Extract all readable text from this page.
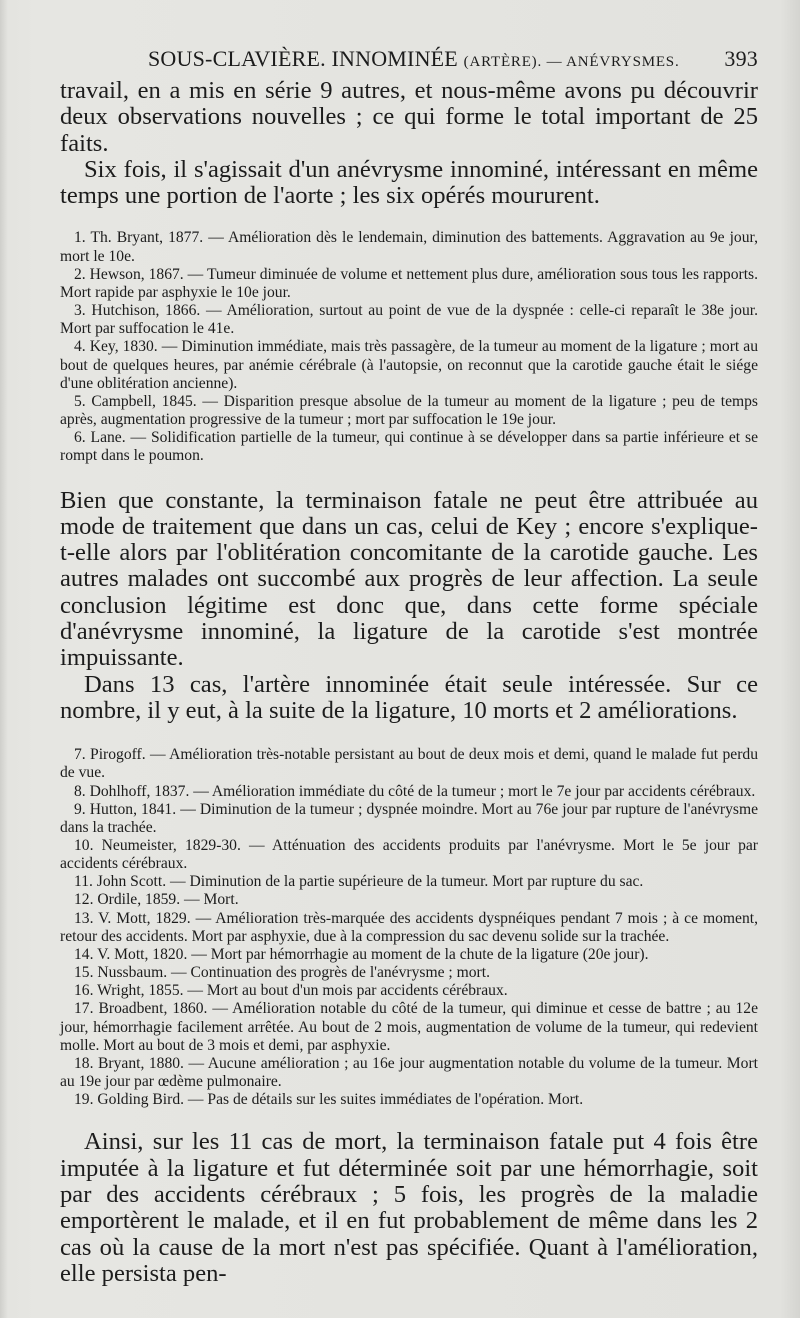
SOUS-CLAVIÈRE. INNOMINÉE (ARTÈRE). — ANÉVRYSMES. 393

travail, en a mis en série 9 autres, et nous-même avons pu découvrir deux observations nouvelles ; ce qui forme le total important de 25 faits.

Six fois, il s'agissait d'un anévrysme innominé, intéressant en même temps une portion de l'aorte ; les six opérés moururent.

1. Th. Bryant, 1877. — Amélioration dès le lendemain, diminution des battements. Aggravation au 9e jour, mort le 10e.
2. Hewson, 1867. — Tumeur diminuée de volume et nettement plus dure, amélioration sous tous les rapports. Mort rapide par asphyxie le 10e jour.
3. Hutchison, 1866. — Amélioration, surtout au point de vue de la dyspnée : celle-ci reparaît le 38e jour. Mort par suffocation le 41e.
4. Key, 1830. — Diminution immédiate, mais très passagère, de la tumeur au moment de la ligature ; mort au bout de quelques heures, par anémie cérébrale (à l'autopsie, on reconnut que la carotide gauche était le siége d'une oblitération ancienne).
5. Campbell, 1845. — Disparition presque absolue de la tumeur au moment de la ligature ; peu de temps après, augmentation progressive de la tumeur ; mort par suffocation le 19e jour.
6. Lane. — Solidification partielle de la tumeur, qui continue à se développer dans sa partie inférieure et se rompt dans le poumon.

Bien que constante, la terminaison fatale ne peut être attribuée au mode de traitement que dans un cas, celui de Key ; encore s'explique-t-elle alors par l'oblitération concomitante de la carotide gauche. Les autres malades ont succombé aux progrès de leur affection. La seule conclusion légitime est donc que, dans cette forme spéciale d'anévrysme innominé, la ligature de la carotide s'est montrée impuissante.

Dans 13 cas, l'artère innominée était seule intéressée. Sur ce nombre, il y eut, à la suite de la ligature, 10 morts et 2 améliorations.

7. Pirogoff. — Amélioration très-notable persistant au bout de deux mois et demi, quand le malade fut perdu de vue.
8. Dohlhoff, 1837. — Amélioration immédiate du côté de la tumeur ; mort le 7e jour par accidents cérébraux.
9. Hutton, 1841. — Diminution de la tumeur ; dyspnée moindre. Mort au 76e jour par rupture de l'anévrysme dans la trachée.
10. Neumeister, 1829-30. — Atténuation des accidents produits par l'anévrysme. Mort le 5e jour par accidents cérébraux.
11. John Scott. — Diminution de la partie supérieure de la tumeur. Mort par rupture du sac.
12. Ordile, 1859. — Mort.
13. V. Mott, 1829. — Amélioration très-marquée des accidents dyspnéiques pendant 7 mois ; à ce moment, retour des accidents. Mort par asphyxie, due à la compression du sac devenu solide sur la trachée.
14. V. Mott, 1820. — Mort par hémorrhagie au moment de la chute de la ligature (20e jour).
15. Nussbaum. — Continuation des progrès de l'anévrysme ; mort.
16. Wright, 1855. — Mort au bout d'un mois par accidents cérébraux.
17. Broadbent, 1860. — Amélioration notable du côté de la tumeur, qui diminue et cesse de battre ; au 12e jour, hémorrhagie facilement arrêtée. Au bout de 2 mois, augmentation de volume de la tumeur, qui redevient molle. Mort au bout de 3 mois et demi, par asphyxie.
18. Bryant, 1880. — Aucune amélioration ; au 16e jour augmentation notable du volume de la tumeur. Mort au 19e jour par œdème pulmonaire.
19. Golding Bird. — Pas de détails sur les suites immédiates de l'opération. Mort.

Ainsi, sur les 11 cas de mort, la terminaison fatale put 4 fois être imputée à la ligature et fut déterminée soit par une hémorrhagie, soit par des accidents cérébraux ; 5 fois, les progrès de la maladie emportèrent le malade, et il en fut probablement de même dans les 2 cas où la cause de la mort n'est pas spécifiée. Quant à l'amélioration, elle persista pen-
